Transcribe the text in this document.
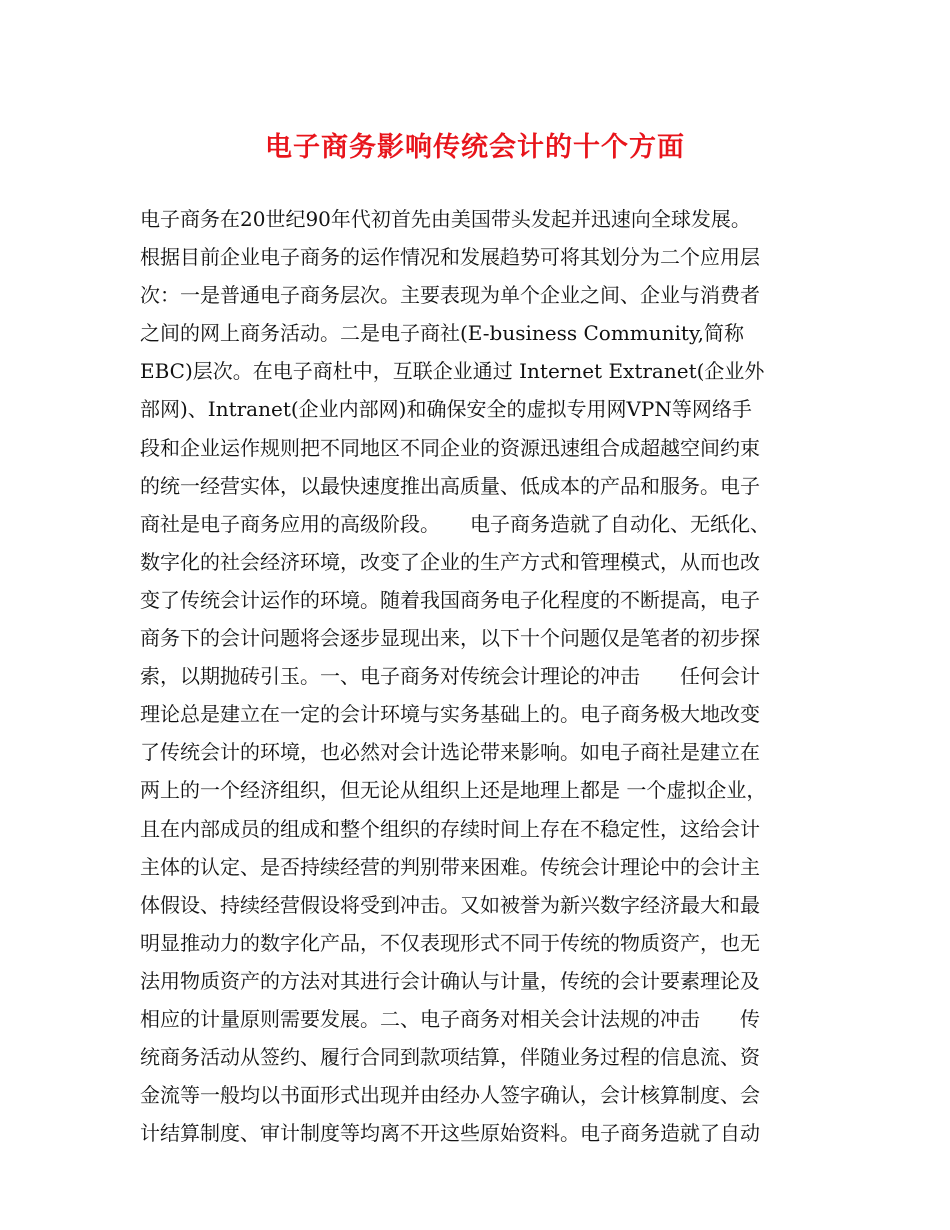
电子商务影响传统会计的十个方面
电子商务在20世纪90年代初首先由美国带头发起并迅速向全球发展。
根据目前企业电子商务的运作情况和发展趋势可将其划分为二个应用层
次：一是普通电子商务层次。主要表现为单个企业之间、企业与消费者
之间的网上商务活动。二是电子商社(E-business Community,简称
EBC)层次。在电子商杜中，互联企业通过 Internet Extranet(企业外
部网)、Intranet(企业内部网)和确保安全的虚拟专用网VPN等网络手
段和企业运作规则把不同地区不同企业的资源迅速组合成超越空间约束
的统一经营实体，以最快速度推出高质量、低成本的产品和服务。电子
商社是电子商务应用的高级阶段。　　电子商务造就了自动化、无纸化、
数字化的社会经济环境，改变了企业的生产方式和管理模式，从而也改
变了传统会计运作的环境。随着我国商务电子化程度的不断提高，电子
商务下的会计问题将会逐步显现出来，以下十个问题仅是笔者的初步探
索，以期抛砖引玉。一、电子商务对传统会计理论的冲击　　任何会计
理论总是建立在一定的会计环境与实务基础上的。电子商务极大地改变
了传统会计的环境，也必然对会计选论带来影响。如电子商社是建立在
两上的一个经济组织，但无论从组织上还是地理上都是 一个虚拟企业，
且在内部成员的组成和整个组织的存续时间上存在不稳定性，这给会计
主体的认定、是否持续经营的判别带来困难。传统会计理论中的会计主
体假设、持续经营假设将受到冲击。又如被誉为新兴数字经济最大和最
明显推动力的数字化产品，不仅表现形式不同于传统的物质资产，也无
法用物质资产的方法对其进行会计确认与计量，传统的会计要素理论及
相应的计量原则需要发展。二、电子商务对相关会计法规的冲击　　传
统商务活动从签约、履行合同到款项结算，伴随业务过程的信息流、资
金流等一般均以书面形式出现并由经办人签字确认，会计核算制度、会
计结算制度、审计制度等均离不开这些原始资料。电子商务造就了自动
